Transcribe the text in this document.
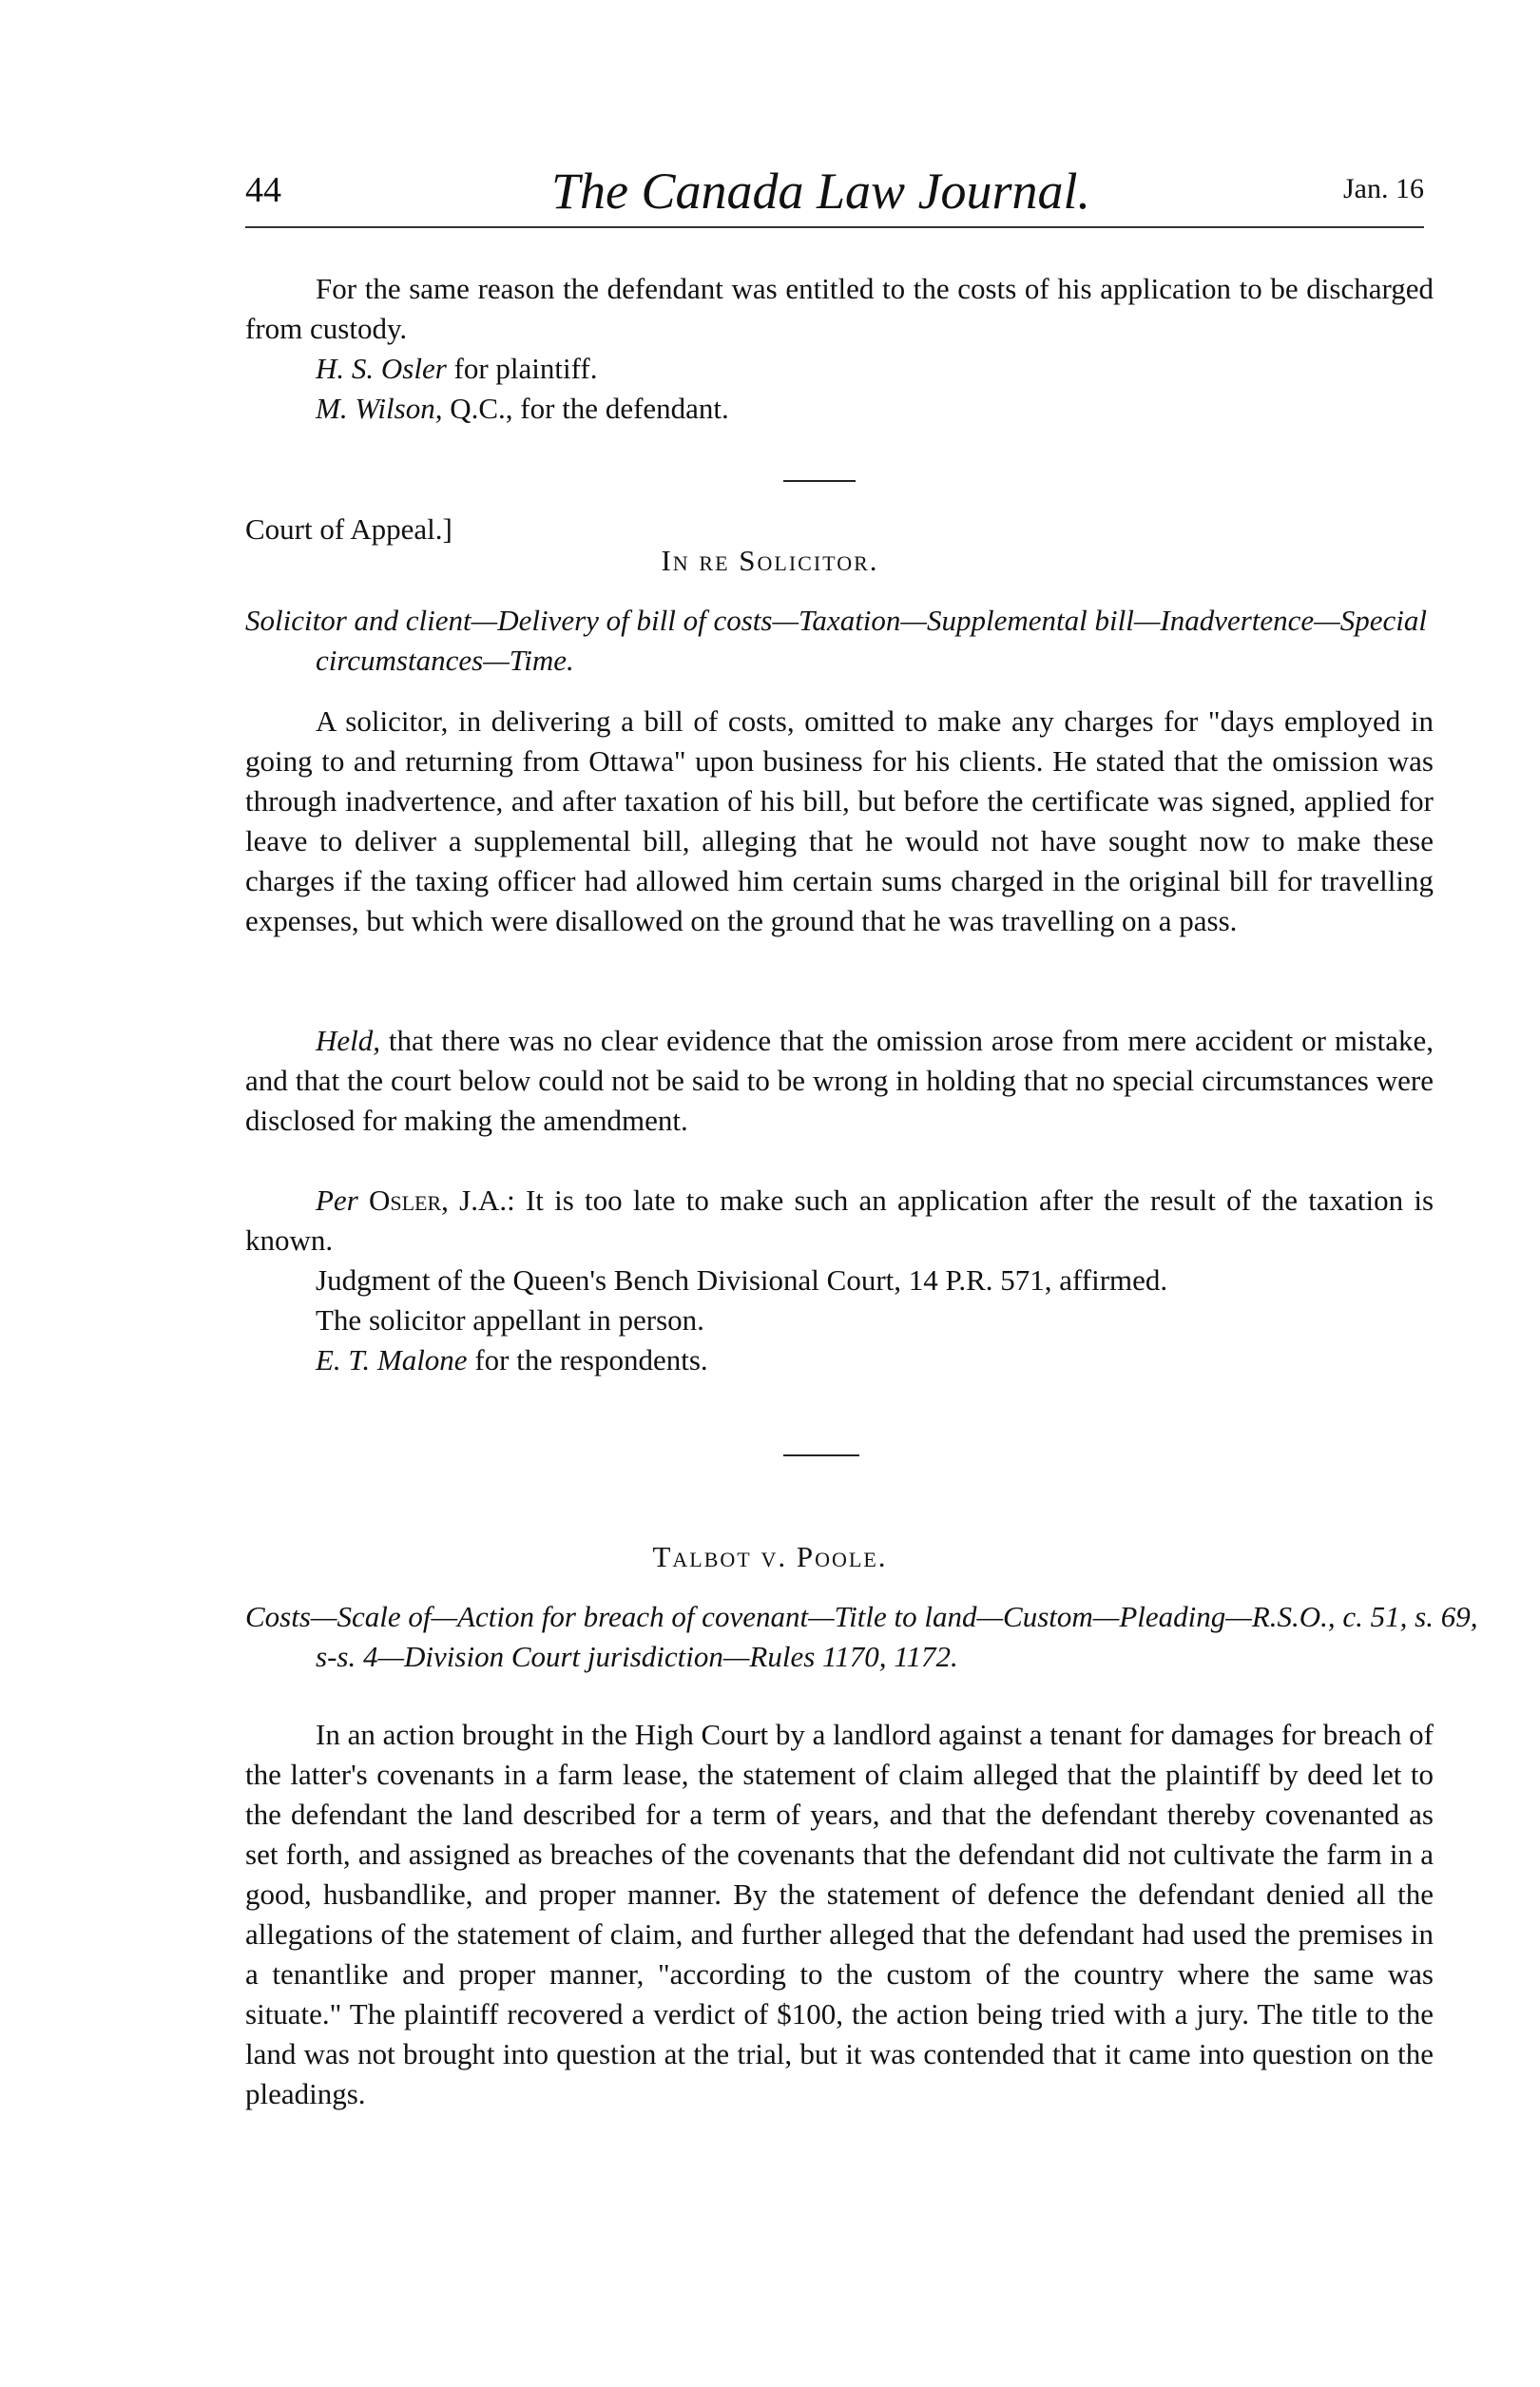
44	The Canada Law Journal.	Jan. 16

For the same reason the defendant was entitled to the costs of his application to be discharged from custody.

H. S. Osler for plaintiff.
M. Wilson, Q.C., for the defendant.
Court of Appeal.]
In re Solicitor.

Solicitor and client—Delivery of bill of costs—Taxation—Supplemental bill—Inadvertence—Special circumstances—Time.

A solicitor, in delivering a bill of costs, omitted to make any charges for "days employed in going to and returning from Ottawa" upon business for his clients. He stated that the omission was through inadvertence, and after taxation of his bill, but before the certificate was signed, applied for leave to deliver a supplemental bill, alleging that he would not have sought now to make these charges if the taxing officer had allowed him certain sums charged in the original bill for travelling expenses, but which were disallowed on the ground that he was travelling on a pass.

Held, that there was no clear evidence that the omission arose from mere accident or mistake, and that the court below could not be said to be wrong in holding that no special circumstances were disclosed for making the amendment.

Per Osler, J.A.: It is too late to make such an application after the result of the taxation is known.

Judgment of the Queen's Bench Divisional Court, 14 P.R. 571, affirmed.
The solicitor appellant in person.
E. T. Malone for the respondents.
Talbot v. Poole.

Costs—Scale of—Action for breach of covenant—Title to land—Custom—Pleading—R.S.O., c. 51, s. 69, s-s. 4—Division Court jurisdiction—Rules 1170, 1172.

In an action brought in the High Court by a landlord against a tenant for damages for breach of the latter's covenants in a farm lease, the statement of claim alleged that the plaintiff by deed let to the defendant the land described for a term of years, and that the defendant thereby covenanted as set forth, and assigned as breaches of the covenants that the defendant did not cultivate the farm in a good, husbandlike, and proper manner. By the statement of defence the defendant denied all the allegations of the statement of claim, and further alleged that the defendant had used the premises in a tenantlike and proper manner, "according to the custom of the country where the same was situate." The plaintiff recovered a verdict of $100, the action being tried with a jury. The title to the land was not brought into question at the trial, but it was contended that it came into question on the pleadings.
